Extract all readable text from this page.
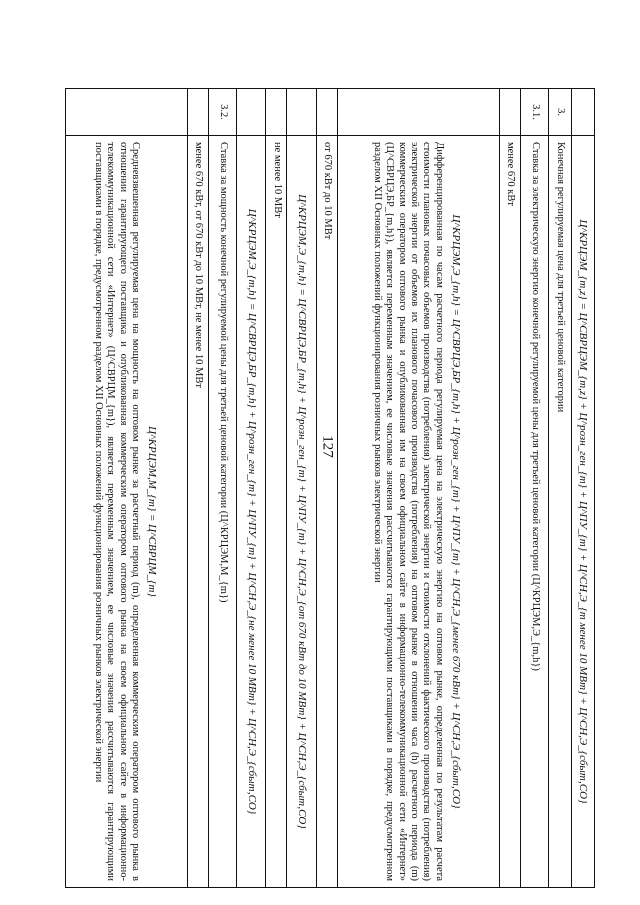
127
		Ц^КРЦЭМ_{m,z} = Ц^СВРЦЭМ_{m,z} + Ц^розн_ген_{m} + Ц^ПУ_{m} + Ц^СН,Э_{m менее 10 МВт} + Ц^СН,Э_{сбыт,СО}
3.	Конечная регулируемая цена для третьей ценовой категории
3.1.	Ставка за электрическую энергию конечной регулируемой цены для третьей ценовой категории (Ц^КРЦЭМ,Э_{m,h})
	менее 670 кВт

	Ц^КРЦЭМ,Э_{m,h} = Ц^СВРЦЭ,БР_{m,h} + Ц^розн_ген_{m} + Ц^ПУ_{m} + Ц^СН,Э_{менее 670 кВт} + Ц^СН,Э_{сбыт,СО}
Дифференцированная по часам расчетного периода регулируемая цена на электрическую энергию на оптовом рынке, определенная по результатам расчета стоимости плановых почасовых объемов производства (потребления) электрической энергии и стоимости отклонений фактического производства (потребления) электрической энергии от объемов их планового почасового производства (потребления) на оптовом рынке в отношении часа (h) расчетного периода (m) коммерческим оператором оптового рынка и опубликованная им на своем официальном сайте в информационно-телекоммуникационной сети «Интернет» (Ц^СВРЦЭ,БР_{m,h}), является переменным значением, ее числовые значения рассчитываются гарантирующими поставщиками в порядке, предусмотренном разделом XII Основных положений функционирования розничных рынков электрической энергии

	от 670 кВт до 10 МВт
	Ц^КРЦЭМ,Э_{m,h} = Ц^СВРЦЭ,БР_{m,h} + Ц^розн_ген_{m} + Ц^ПУ_{m} + Ц^СН,Э_{от 670 кВт до 10 МВт} + Ц^СН,Э_{сбыт,СО}
	не менее 10 МВт
	Ц^КРЦЭМ,Э_{m,h} = Ц^СВРЦЭ,БР_{m,h} + Ц^розн_ген_{m} + Ц^ПУ_{m} + Ц^СН,Э_{не менее 10 МВт} + Ц^СН,Э_{сбыт,СО}
3.2.	Ставка за мощность конечной регулируемой цены для третьей ценовой категории (Ц^КРЦЭМ,М_{m})
	менее 670 кВт, от 670 кВт до 10 МВт, не менее 10 МВт

	Ц^КРЦЭМ,М_{m} = Ц^СВРЦМ_{m}
Средневзвешенная регулируемая цена на мощность на оптовом рынке за расчетный период (m), определенная коммерческим оператором оптового рынка в отношении гарантирующего поставщика и опубликованная коммерческим оператором оптового рынка на своем официальном сайте в информационно-телекоммуникационной сети «Интернет» (Ц^СВРЦМ_{m}), является переменным значением, ее числовые значения рассчитываются гарантирующими поставщиками в порядке, предусмотренном разделом XII Основных положений функционирования розничных рынков электрической энергии
